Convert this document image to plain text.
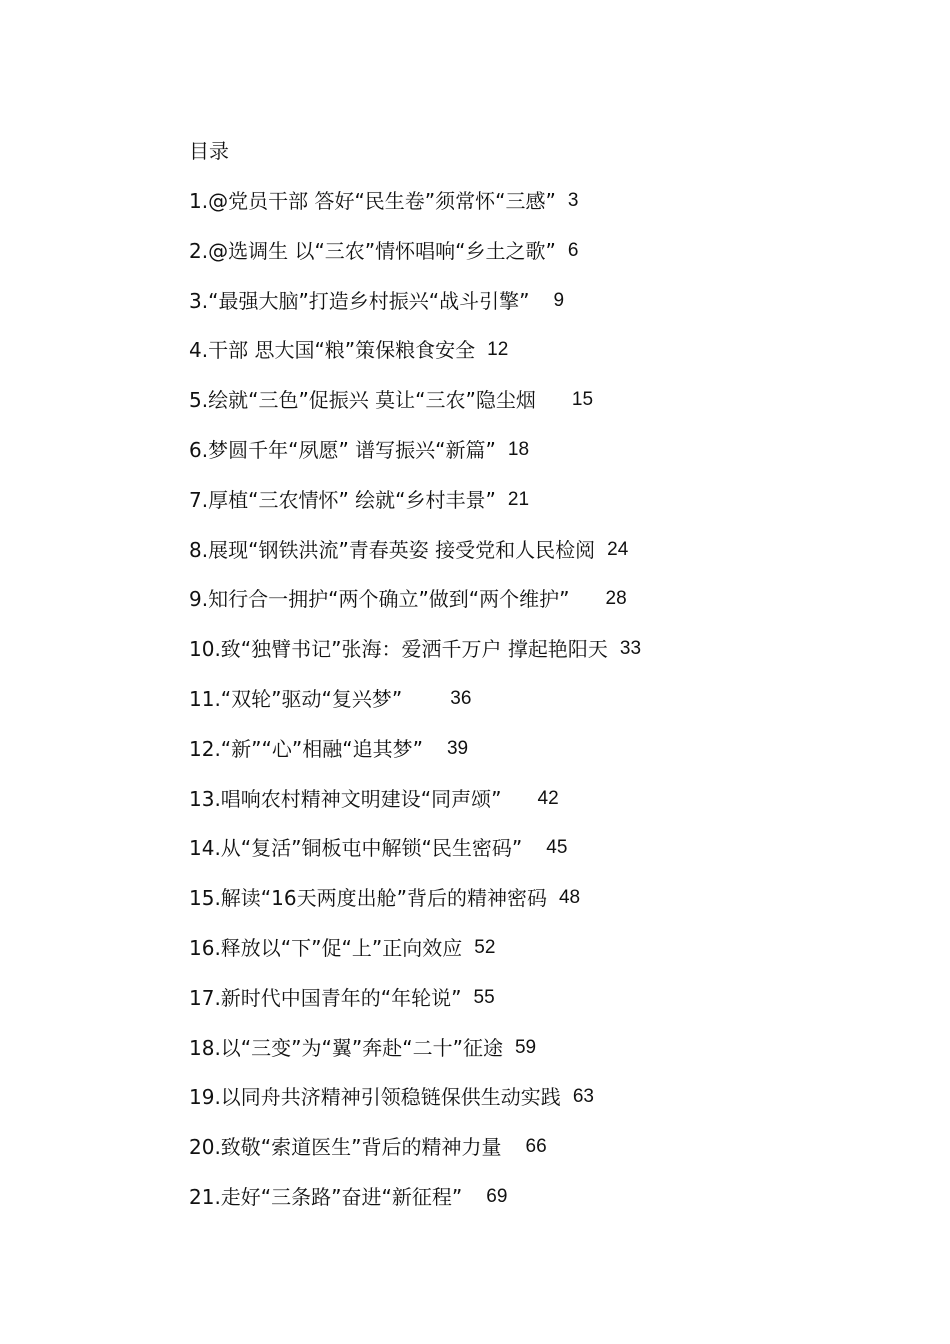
目录
1.@党员干部 答好“民生卷”须常怀“三感” 3
2.@选调生 以“三农”情怀唱响“乡土之歌” 6
3.“最强大脑”打造乡村振兴“战斗引擎” 9
4.干部 思大国“粮”策保粮食安全 12
5.绘就“三色”促振兴 莫让“三农”隐尘烟 15
6.梦圆千年“夙愿” 谱写振兴“新篇” 18
7.厚植“三农情怀” 绘就“乡村丰景” 21
8.展现“钢铁洪流”青春英姿 接受党和人民检阅 24
9.知行合一拥护“两个确立”做到“两个维护” 28
10.致“独臂书记”张海：爱洒千万户 撑起艳阳天 33
11.“双轮”驱动“复兴梦”	36
12.“新”“心”相融“追其梦” 39
13.唱响农村精神文明建设“同声颂” 42
14.从“复活”铜板屯中解锁“民生密码” 45
15.解读“16天两度出舱”背后的精神密码 48
16.释放以“下”促“上”正向效应 52
17.新时代中国青年的“年轮说” 55
18.以“三变”为“翼”奔赴“二十”征途 59
19.以同舟共济精神引领稳链保供生动实践 63
20.致敬“索道医生”背后的精神力量 66
21.走好“三条路”奋进“新征程” 69
